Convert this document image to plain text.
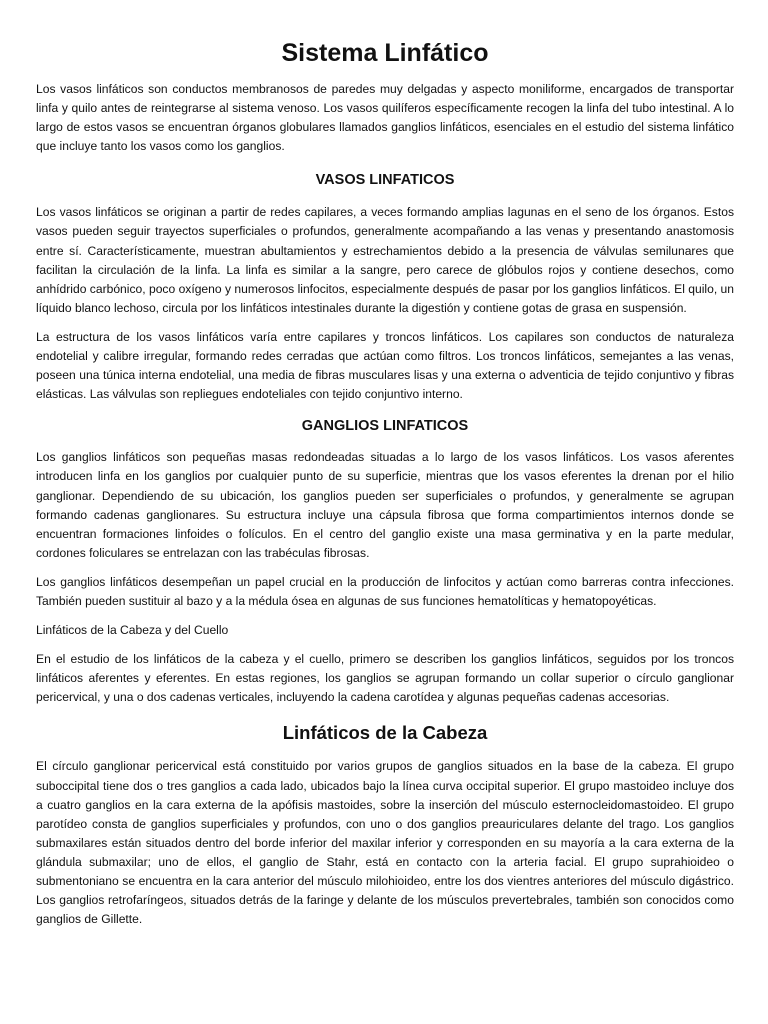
Sistema Linfático

Los vasos linfáticos son conductos membranosos de paredes muy delgadas y aspecto moniliforme, encargados de transportar linfa y quilo antes de reintegrarse al sistema venoso. Los vasos quilíferos específicamente recogen la linfa del tubo intestinal. A lo largo de estos vasos se encuentran órganos globulares llamados ganglios linfáticos, esenciales en el estudio del sistema linfático que incluye tanto los vasos como los ganglios.

VASOS LINFATICOS

Los vasos linfáticos se originan a partir de redes capilares, a veces formando amplias lagunas en el seno de los órganos. Estos vasos pueden seguir trayectos superficiales o profundos, generalmente acompañando a las venas y presentando anastomosis entre sí. Característicamente, muestran abultamientos y estrechamientos debido a la presencia de válvulas semilunares que facilitan la circulación de la linfa. La linfa es similar a la sangre, pero carece de glóbulos rojos y contiene desechos, como anhídrido carbónico, poco oxígeno y numerosos linfocitos, especialmente después de pasar por los ganglios linfáticos. El quilo, un líquido blanco lechoso, circula por los linfáticos intestinales durante la digestión y contiene gotas de grasa en suspensión.

La estructura de los vasos linfáticos varía entre capilares y troncos linfáticos. Los capilares son conductos de naturaleza endotelial y calibre irregular, formando redes cerradas que actúan como filtros. Los troncos linfáticos, semejantes a las venas, poseen una túnica interna endotelial, una media de fibras musculares lisas y una externa o adventicia de tejido conjuntivo y fibras elásticas. Las válvulas son repliegues endoteliales con tejido conjuntivo interno.

GANGLIOS LINFATICOS

Los ganglios linfáticos son pequeñas masas redondeadas situadas a lo largo de los vasos linfáticos. Los vasos aferentes introducen linfa en los ganglios por cualquier punto de su superficie, mientras que los vasos eferentes la drenan por el hilio ganglionar. Dependiendo de su ubicación, los ganglios pueden ser superficiales o profundos, y generalmente se agrupan formando cadenas ganglionares. Su estructura incluye una cápsula fibrosa que forma compartimientos internos donde se encuentran formaciones linfoides o folículos. En el centro del ganglio existe una masa germinativa y en la parte medular, cordones foliculares se entrelazan con las trabéculas fibrosas.

Los ganglios linfáticos desempeñan un papel crucial en la producción de linfocitos y actúan como barreras contra infecciones. También pueden sustituir al bazo y a la médula ósea en algunas de sus funciones hematolíticas y hematopoyéticas.

Linfáticos de la Cabeza y del Cuello

En el estudio de los linfáticos de la cabeza y el cuello, primero se describen los ganglios linfáticos, seguidos por los troncos linfáticos aferentes y eferentes. En estas regiones, los ganglios se agrupan formando un collar superior o círculo ganglionar pericervical, y una o dos cadenas verticales, incluyendo la cadena carotídea y algunas pequeñas cadenas accesorias.

Linfáticos de la Cabeza

El círculo ganglionar pericervical está constituido por varios grupos de ganglios situados en la base de la cabeza. El grupo suboccipital tiene dos o tres ganglios a cada lado, ubicados bajo la línea curva occipital superior. El grupo mastoideo incluye dos a cuatro ganglios en la cara externa de la apófisis mastoides, sobre la inserción del músculo esternocleidomastoideo. El grupo parotídeo consta de ganglios superficiales y profundos, con uno o dos ganglios preauriculares delante del trago. Los ganglios submaxilares están situados dentro del borde inferior del maxilar inferior y corresponden en su mayoría a la cara externa de la glándula submaxilar; uno de ellos, el ganglio de Stahr, está en contacto con la arteria facial. El grupo suprahioideo o submentoniano se encuentra en la cara anterior del músculo milohioideo, entre los dos vientres anteriores del músculo digástrico. Los ganglios retrofaríngeos, situados detrás de la faringe y delante de los músculos prevertebrales, también son conocidos como ganglios de Gillette.
